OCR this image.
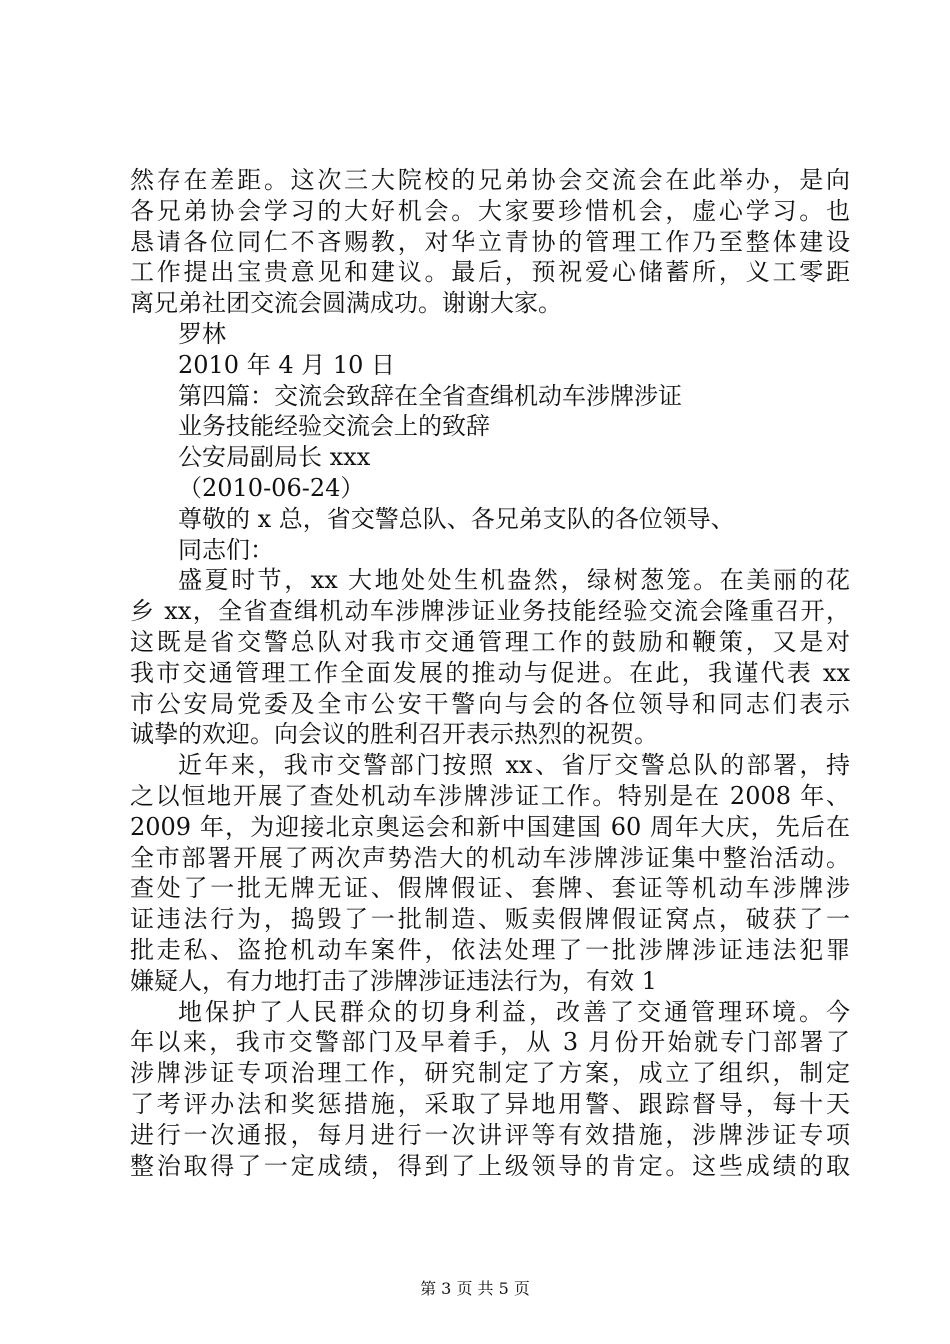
然存在差距。这次三大院校的兄弟协会交流会在此举办，是向
各兄弟协会学习的大好机会。大家要珍惜机会，虚心学习。也
恳请各位同仁不吝赐教，对华立青协的管理工作乃至整体建设
工作提出宝贵意见和建议。最后，预祝爱心储蓄所，义工零距
离兄弟社团交流会圆满成功。谢谢大家。
罗林
2010 年 4 月 10 日
第四篇：交流会致辞在全省查缉机动车涉牌涉证
业务技能经验交流会上的致辞
公安局副局长 xxx
（2010-06-24）
尊敬的 x 总，省交警总队、各兄弟支队的各位领导、
同志们：
盛夏时节，xx 大地处处生机盎然，绿树葱笼。在美丽的花
乡 xx，全省查缉机动车涉牌涉证业务技能经验交流会隆重召开，
这既是省交警总队对我市交通管理工作的鼓励和鞭策，又是对
我市交通管理工作全面发展的推动与促进。在此，我谨代表 xx
市公安局党委及全市公安干警向与会的各位领导和同志们表示
诚挚的欢迎。向会议的胜利召开表示热烈的祝贺。
近年来，我市交警部门按照 xx、省厅交警总队的部署，持
之以恒地开展了查处机动车涉牌涉证工作。特别是在 2008 年、
2009 年，为迎接北京奥运会和新中国建国 60 周年大庆，先后在
全市部署开展了两次声势浩大的机动车涉牌涉证集中整治活动。
查处了一批无牌无证、假牌假证、套牌、套证等机动车涉牌涉
证违法行为，捣毁了一批制造、贩卖假牌假证窝点，破获了一
批走私、盗抢机动车案件，依法处理了一批涉牌涉证违法犯罪
嫌疑人，有力地打击了涉牌涉证违法行为，有效 1
地保护了人民群众的切身利益，改善了交通管理环境。今
年以来，我市交警部门及早着手，从 3 月份开始就专门部署了
涉牌涉证专项治理工作，研究制定了方案，成立了组织，制定
了考评办法和奖惩措施，采取了异地用警、跟踪督导，每十天
进行一次通报，每月进行一次讲评等有效措施，涉牌涉证专项
整治取得了一定成绩，得到了上级领导的肯定。这些成绩的取
第 3 页 共 5 页
